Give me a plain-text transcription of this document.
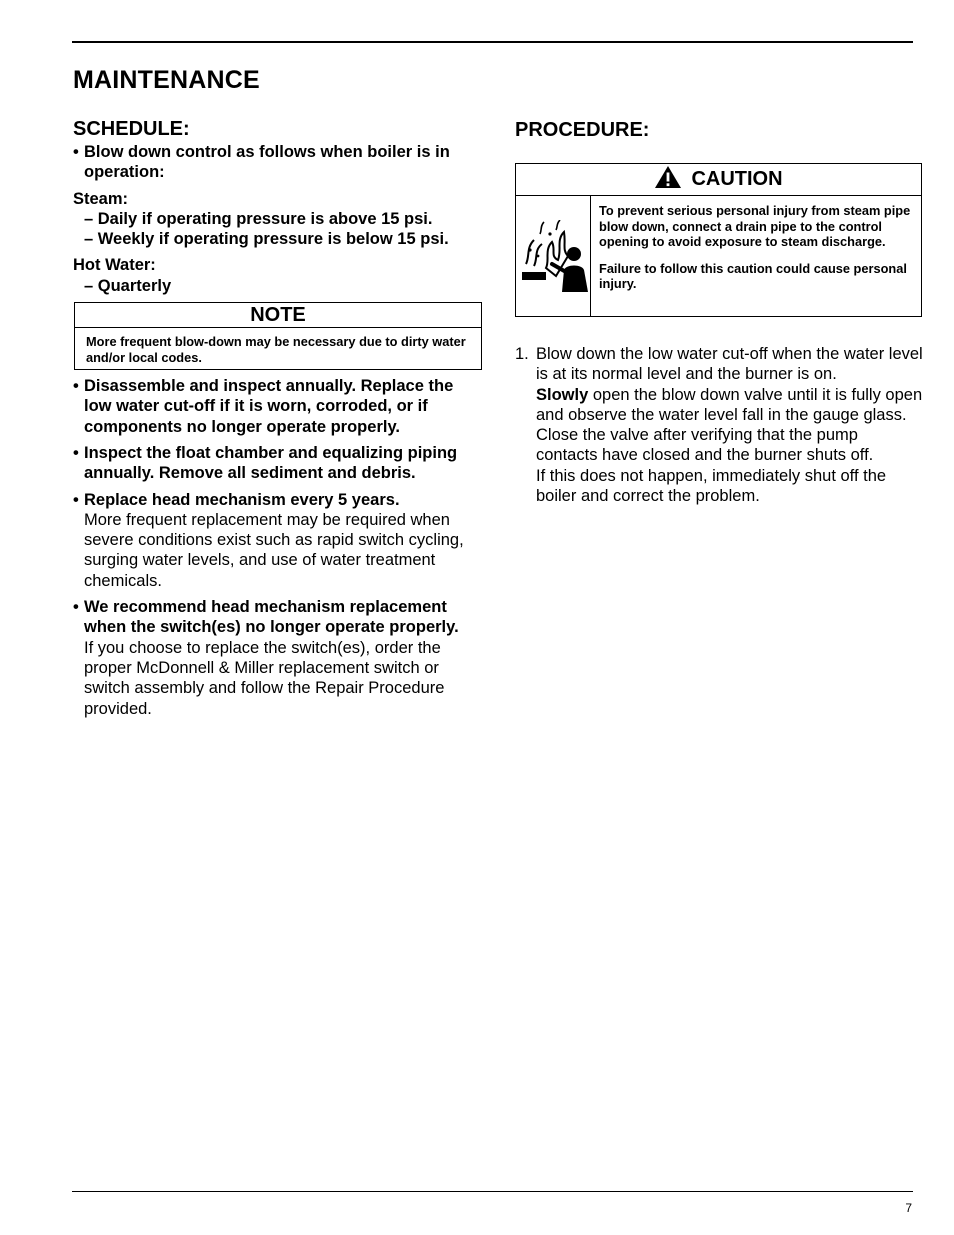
MAINTENANCE
SCHEDULE:
• Blow down control as follows when boiler is in operation:
Steam:
– Daily if operating pressure is above 15 psi.
– Weekly if operating pressure is below 15 psi.
Hot Water:
– Quarterly
NOTE
More frequent blow-down may be necessary due to dirty water and/or local codes.
• Disassemble and inspect annually. Replace the low water cut-off if it is worn, corroded, or if components no longer operate properly.
• Inspect the float chamber and equalizing piping annually. Remove all sediment and debris.
• Replace head mechanism every 5 years.
More frequent replacement may be required when severe conditions exist such as rapid switch cycling, surging water levels, and use of water treatment chemicals.
• We recommend head mechanism replacement when the switch(es) no longer operate properly.
If you choose to replace the switch(es), order the proper McDonnell & Miller replacement switch or switch assembly and follow the Repair Procedure provided.
PROCEDURE:
CAUTION

To prevent serious personal injury from steam pipe blow down, connect a drain pipe to the control opening to avoid exposure to steam discharge.

Failure to follow this caution could cause personal injury.

1. Blow down the low water cut-off when the water level is at its normal level and the burner is on.
Slowly open the blow down valve until it is fully open and observe the water level fall in the gauge glass. Close the valve after verifying that the pump contacts have closed and the burner shuts off.
If this does not happen, immediately shut off the boiler and correct the problem.
7
